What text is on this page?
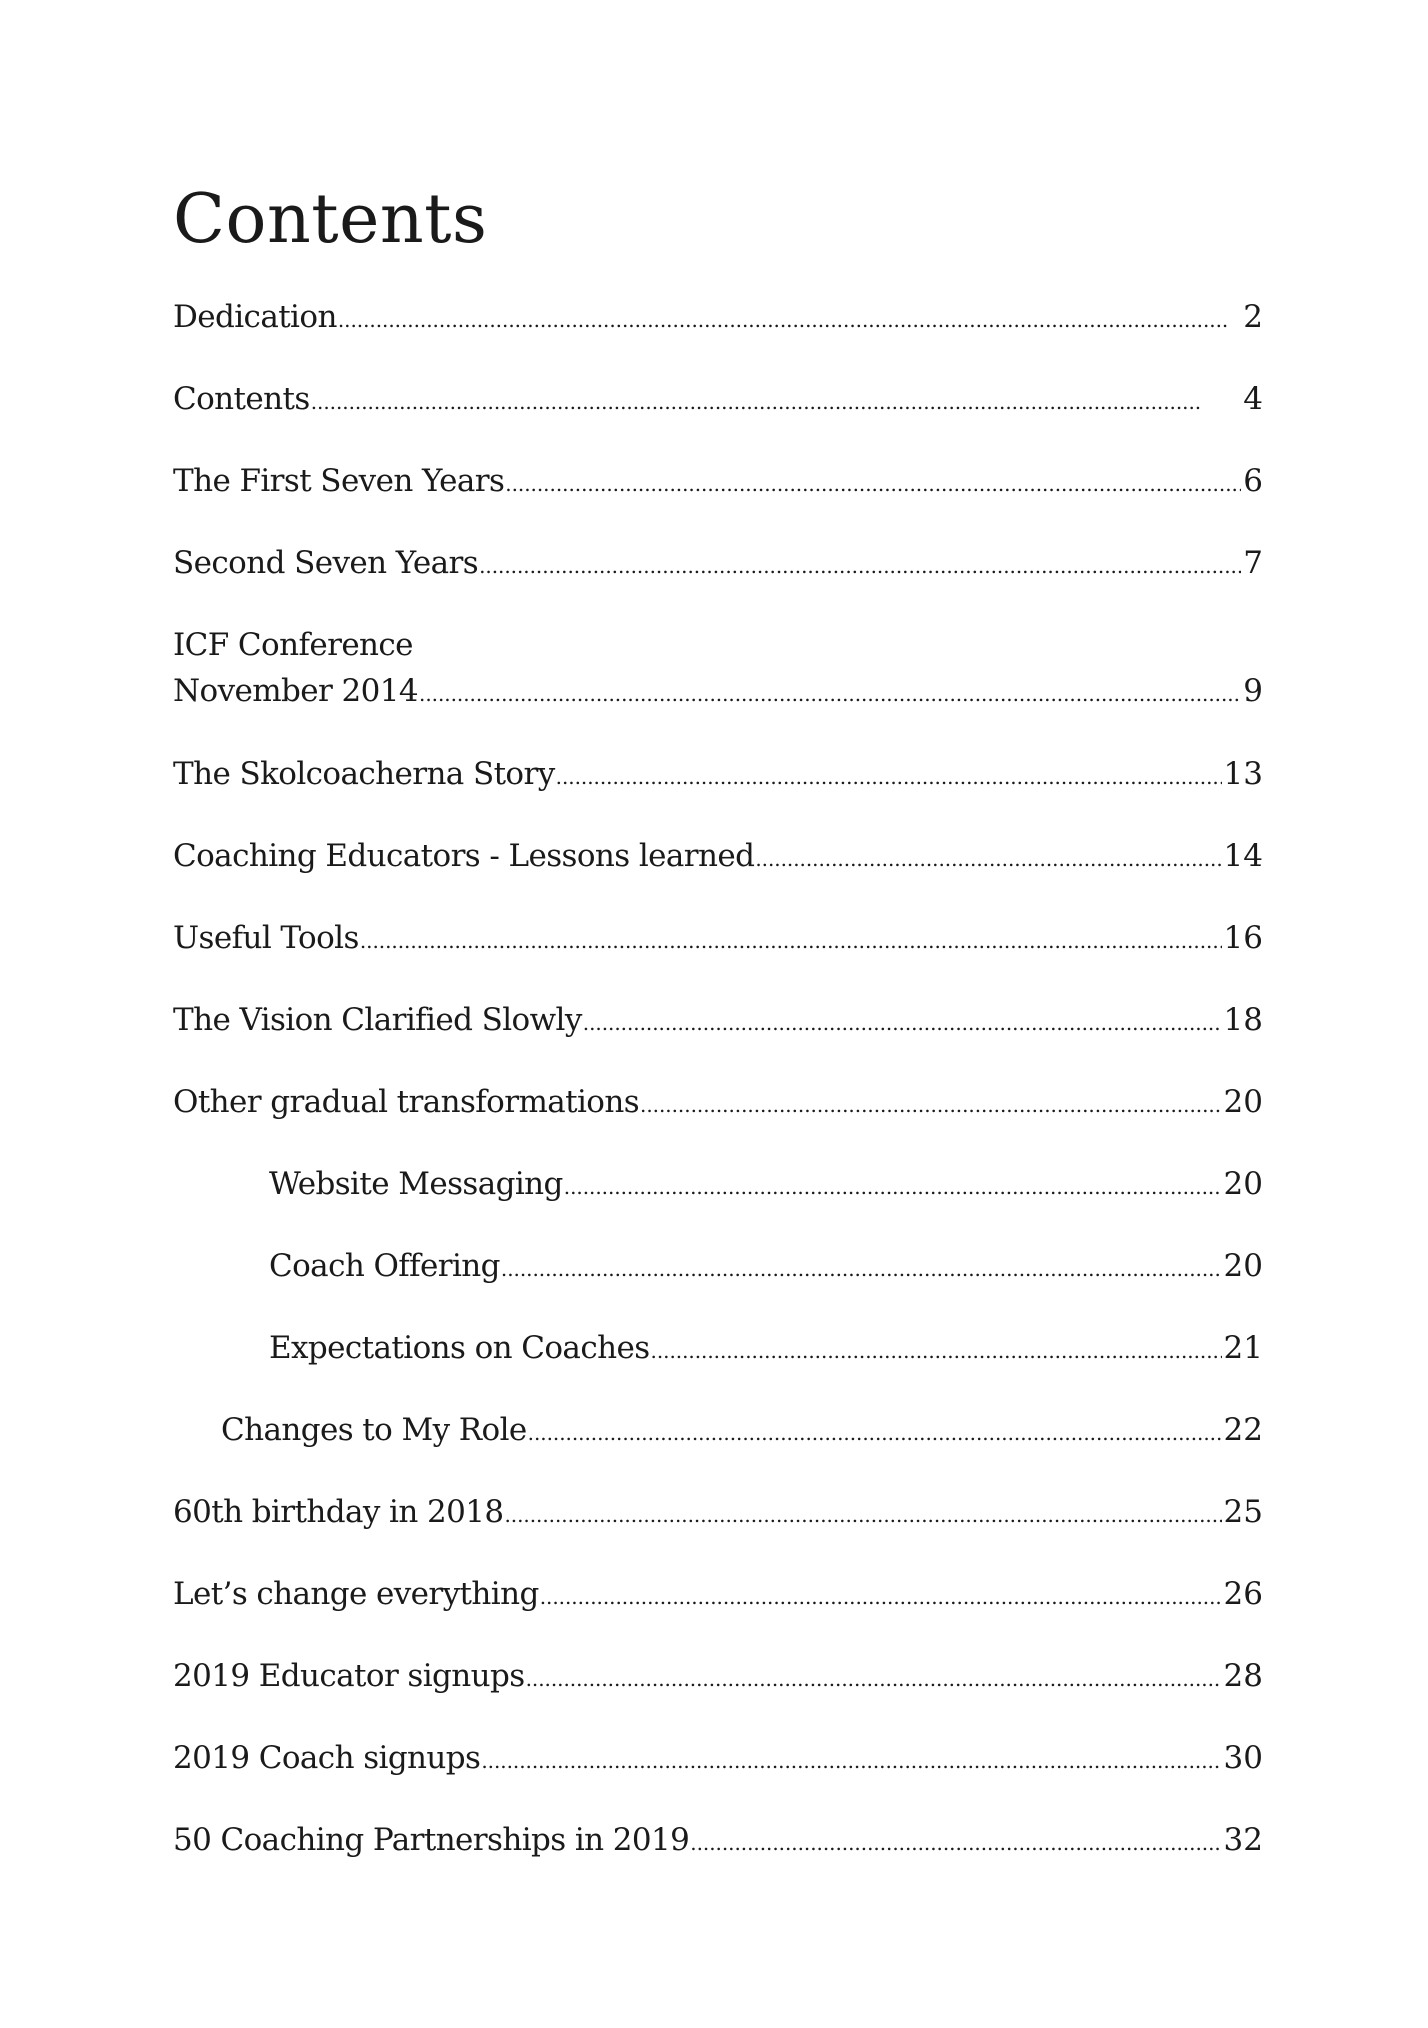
Contents
Dedication . . .	2
Contents . . .	4
The First Seven Years . . .	6
Second Seven Years . . .	7
ICF Conference
November 2014 . . .	9
The Skolcoacherna Story . . .	13
Coaching Educators - Lessons learned . . .	14
Useful Tools . . .	16
The Vision Clarified Slowly . . .	18
Other gradual transformations . . .	20
Website Messaging . . .	20
Coach Offering . . .	20
Expectations on Coaches . . .	21
Changes to My Role . . .	22
60th birthday in 2018 . . .	25
Let’s change everything . . .	26
2019 Educator signups . . .	28
2019 Coach signups . . .	30
50 Coaching Partnerships in 2019 . . .	32
